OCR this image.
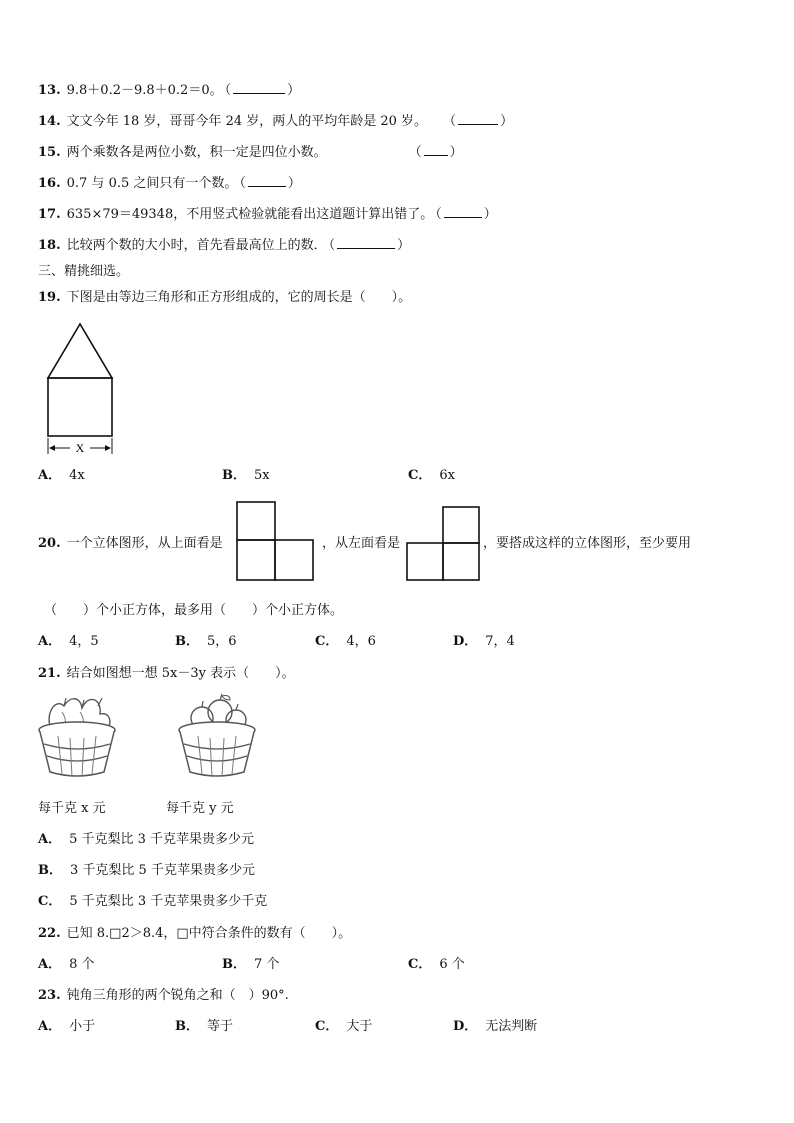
13. 9.8＋0.2－9.8＋0.2＝0。 （	）
14. 文文今年 18 岁，哥哥今年 24 岁，两人的平均年龄是 20 岁。 （	）
15. 两个乘数各是两位小数，积一定是四位小数。	（ ）
16. 0.7 与 0.5 之间只有一个数。 （	）
17. 635×79＝49348，不用竖式检验就能看出这道题计算出错了。 （	）
18. 比较两个数的大小时，首先看最高位上的数． （	）
三、精挑细选。
19. 下图是由等边三角形和正方形组成的，它的周长是（　　）。
X
A． 4x	B． 5x	C． 6x
20. 一个立体图形，从上面看是	，从左面看是	，要搭成这样的立体图形，至少要用
（　　）个小正方体，最多用（　　）个小正方体。
A． 4，5	B． 5，6	C． 4，6	D． 7，4
21. 结合如图想一想 5x－3y 表示（　　）。
每千克 x 元	每千克 y 元
A． 5 千克梨比 3 千克苹果贵多少元
B． 3 千克梨比 5 千克苹果贵多少元
C． 5 千克梨比 3 千克苹果贵多少千克
22. 已知 8.□2＞8.4，□中符合条件的数有（　　）。
A． 8 个	B． 7 个	C． 6 个
23. 钝角三角形的两个锐角之和（　）90°.
A． 小于	B． 等于	C． 大于	D． 无法判断
